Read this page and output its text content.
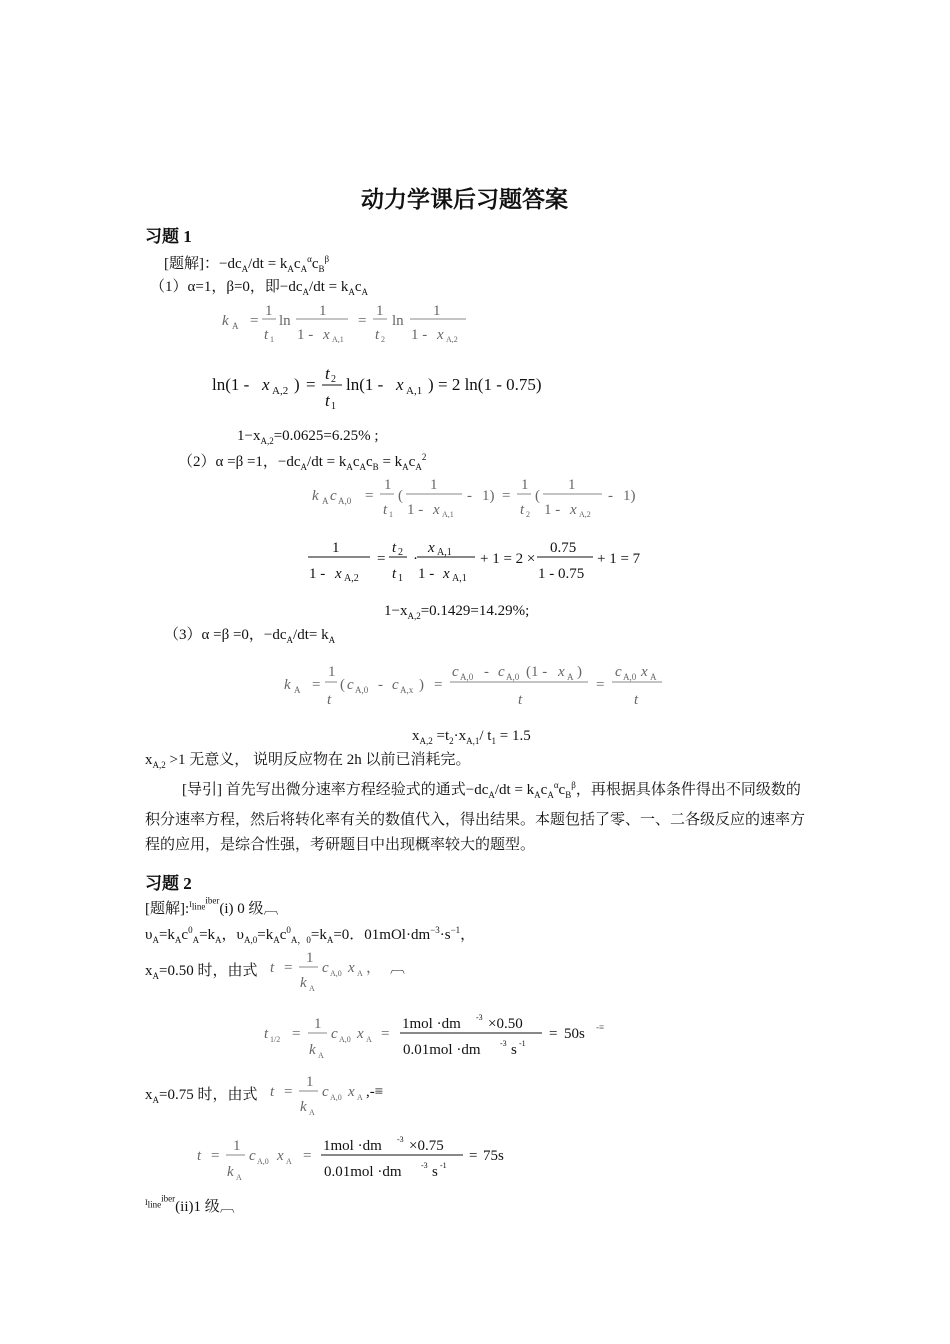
动力学课后习题答案
习题 1
[题解]：$-dc_A/dt = k_Ac_A^\alpha c_B^\beta$
（1）α=1，β=0，即$-dc_A/dt = k_Ac_A$
k A =
1
t 1
ln
1
1 - x A,1
=
1
t 2
ln
1
1 - x A,2
ln(1 - x A,2 ) =
t 2
t 1
ln(1 - x A,1 ) = 2 ln(1 - 0.75)
$1-x_{A,2}=0.0625=6.25\%$ ;
（2）α =β =1，$-dc_A/dt = k_Ac_Ac_B = k_Ac_A^2$
k A c A,0 =
1
t 1
(
1
1 - x A,1
- 1) =
1
t 2
(
1
1 - x A,2
- 1)
1
1 - x A,2
=
t 2
t 1
·
x A,1
1 - x A,1
+ 1 = 2 ×
0.75
1 - 0.75
+ 1 = 7
$1-x_{A,2}=0.1429=14.29\%$;
（3）α =β =0，$-dc_A/dt= k_A$
k A =
1
t
( c A,0 - c A,x ) =
c A,0 - c A,0 (1 - x A )
t
=
c A,0 x A
t
$x_{A,2} =t_2\cdot x_{A,1}/$ $t_1 = 1.5$
$x_{A,2} >1$ 无意义， 说明反应物在 2h 以前已消耗完。
[导引] 首先写出微分速率方程经验式的通式$-dc_A/dt = k_Ac_A^\alpha c_B^\beta$，再根据具体条件得出不同级数的积分速率方程，然后将转化率有关的数值代入，得出结果。本题包括了零、一、二各级反应的速率方程的应用，是综合性强，考研题目中出现概率较大的题型。
习题 2
[题解]:$^{I_{line}^{iber}}$(i) 0 级︹
$\upsilon_A=k_Ac^0_A=k_A$，$\upsilon_{A,0}=k_Ac^0_{A,0}=k_A=0$．$01mOl\cdot dm^{-3}\cdot s^{-1}$，
$x_A=0.50$ 时，由式 t =
1
k A
c A,0 x A ， ︹
t 1/2 =
1
k A
c A,0 x A =
1mol ·dm -3 ×0.50
0.01mol ·dm -3 s -1
= 50s -≡
$x_A=0.75$ 时，由式 t =
1
k A
c A,0 x A ,-≡
t =
1
k A
c A,0 x A =
1mol ·dm -3 ×0.75
0.01mol ·dm -3 s -1
= 75s
$^{I_{line}^{iber}}$(ii)1 级︹
